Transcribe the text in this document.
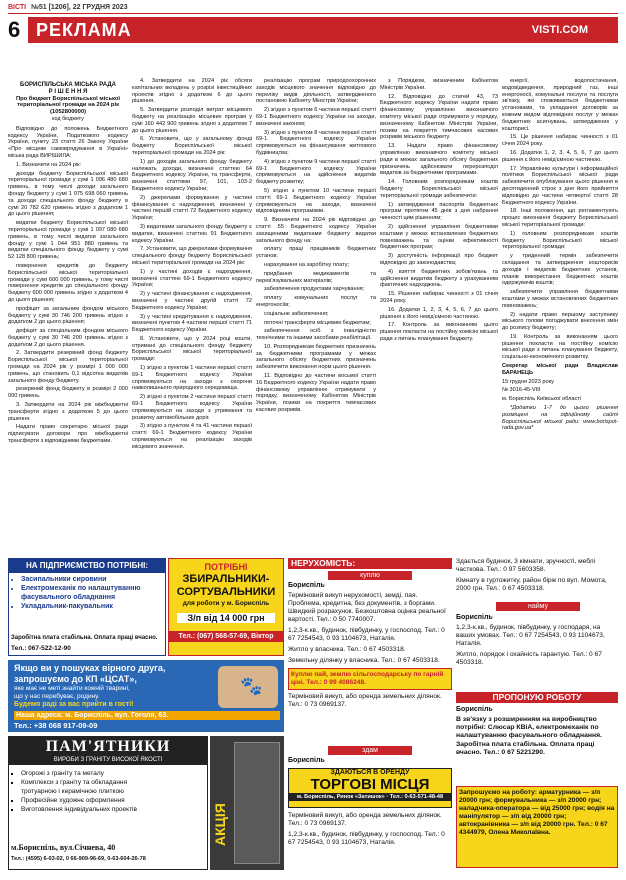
ВІСТІ №51 [1206], 22 ГРУДНЯ 2023
6 РЕКЛАМА	VISTI.COM
БОРИСПІЛЬСЬКА МІСЬКА РАДА
Р І Ш Е Н Н Я
Про бюджет Бориспільської міської територіальної громади на 2024 рік (1052800000)
код бюджету

Відповідно до положень Бюджетного кодексу України, Податкового кодексу України, пункту 23 статті 26 Закону України «Про місцеве самоврядування в Україні» міська рада ВИРІШИЛА:

1. Визначити на 2024 рік:

доходи бюджету Бориспільської міської територіальної громади у сумі 1 096 480 680 гривень, в тому числі доходи загального фонду бюджету у сумі 1 075 698 060 гривень та доходи спеціального фонду бюджету в сумі 20 782 620 гривень згідно з додатком 1 до цього рішення;

видатки бюджету Бориспільської міської територіальної громади у сумі 1 097 080 680 гривень, в тому числі видатки загального фонду у сумі 1 044 951 880 гривень та видатки спеціального фонду бюджету у сумі 52 128 800 гривень;

повернення кредитів до бюджету Бориспільської міської територіальної громади у сумі 600 000 гривень, у тому числі повернення кредитів до спеціального фонду бюджету 600 000 гривень згідно з додатком 4 до цього рішення;

профіцит за загальним фондом міського бюджету у сумі 30 746 200 гривень згідно з додатком 2 до цього рішення;

дефіцит за спеціальним фондом міського бюджету у сумі 30 746 200 гривень згідно з додатком 2 до цього рішення.

2. Затвердити резервний фонд бюджету Бориспільської міської територіальної громади на 2024 рік у розмірі 1 000 000 гривень, що становить 0,1 відсотка видатків загального фонду бюджету.

резервний фонд бюджету в розмірі 2 000 000 гривень.

3. Затвердити на 2024 рік міжбюджетні трансферти згідно з додатком 5 до цього рішення.

Надати право секретарю міської ради підписувати договори про міжбюджетні трансферти з відповідними бюджетами.

4. Затвердити на 2024 рік обсяги капітальних вкладень у розрізі інвестиційних проектів згідно з додатком 6 до цього рішення.

5. Затвердити розподіл витрат місцевого бюджету на реалізацію місцевих програм у сумі 160 442 900 гривень згідно з додатком 7 до цього рішення.

6. Установити, що у загальному фонді бюджету Бориспільської міської територіальної громади на 2024 рік:

1) до доходів загального фонду бюджету належать доходи, визначені статтею 64 Бюджетного кодексу України, та трансферти, визначені статтями 97, 101, 103-2 Бюджетного кодексу України;

2) джерелами формування у частині фінансування є надходження, визначені у частині першій статті 72 Бюджетного кодексу України;

3) видатками загального фонду бюджету є видатки, визначені статтею 91 Бюджетного кодексу України.

7. Установити, що джерелами формування спеціального фонду бюджету Бориспільської міської територіальної громади на 2024 рік:

1) у частині доходів є надходження, визначені статтею 69-1 Бюджетного кодексу України;

2) у частині фінансування є надходження, визначені у частині другій статті 72 Бюджетного кодексу України;

3) у частині кредитування є надходження, визначені пунктом 4 частини першої статті 71 Бюджетного кодексу України.

8. Установити, що у 2024 році кошти, отримані до спеціального фонду бюджету Бориспільської міської територіальної громади:

1) згідно з пунктом 1 частини першої статті 69-1 Бюджетного кодексу України спрямовуються на заходи з охорони навколишнього природного середовища.

2) згідно з пунктом 2 частини першої статті 69-1 Бюджетного кодексу України спрямовуються на заходи з утримання та розвитку автомобільних доріг.

3) згідно з пунктом 4 та 41 частини першої статті 69-1 Бюджетного кодексу України спрямовуються на реалізацію заходів місцевого значення.

реалізацію програм природоохоронних заходів місцевого значення відповідно до переліку видів діяльності, затвердженого постановою Кабінету Міністрів України;

2) згідно з пунктом 6 частини першої статті 69-1 Бюджетного кодексу України на заходи, визначені законом;

3) згідно з пунктом 8 частини першої статті 69-1 Бюджетного кодексу України спрямовуються на фінансування житлового будівництва;

4) згідно з пунктом 9 частини першої статті 69-1 Бюджетного кодексу України спрямовуються на здійснення видатків бюджету розвитку;

5) згідно з пунктом 10 частини першої статті 69-1 Бюджетного кодексу України спрямовуються на заходи, визначені відповідними програмами.

9. Визначити на 2024 рік відповідно до статті 55 Бюджетного кодексу України захищеними видатками бюджету видатки загального фонду на:

оплату праці працівників бюджетних установ;

нарахування на заробітну плату;

придбання медикаментів та перев'язувальних матеріалів;

забезпечення продуктами харчування;

оплату комунальних послуг та енергоносіїв;

соціальне забезпечення;

поточні трансферти місцевим бюджетам;

забезпечення осіб з інвалідністю технічними та іншими засобами реабілітації.

10. Розпорядникам бюджетних призначень за бюджетними програмами у межах загального обсягу бюджетних призначень забезпечити виконання норм цього рішення.

11. Відповідно до частини восьмої статті 16 Бюджетного кодексу України надати право фінансовому управлінню отримувати у порядку, визначеному Кабінетом Міністрів України, позики на покриття тимчасових касових розривів.

з Порядком, визначеним Кабінетом Міністрів України.

12. Відповідно до статей 43, 73 Бюджетного кодексу України надати право фінансовому управлінню виконавчого комітету міської ради отримувати у порядку, визначеному Кабінетом Міністрів України, позики на покриття тимчасових касових розривів міського бюджету.

13. Надати право фінансовому управлінню виконавчого комітету міської ради в межах загального обсягу бюджетних призначень здійснювати перерозподіл видатків за бюджетними програмами.

14. Головним розпорядникам коштів бюджету Бориспільської міської територіальної громади забезпечити:

1) затвердження паспортів бюджетних програм протягом 45 днів з дня набрання чинності цим рішенням;

2) здійснення управління бюджетними коштами у межах встановлених бюджетних повноважень та оцінки ефективності бюджетних програм;

3) доступність інформації про бюджет відповідно до законодавства;

4) взяття бюджетних зобов'язань та здійснення видатків бюджету з урахуванням фактичних надходжень.

15. Рішення набирає чинності з 01 січня 2024 року.

16. Додатки 1, 2, 3, 4, 5, 6, 7 до цього рішення є його невід'ємною частиною.

17. Контроль за виконанням цього рішення покласти на постійну комісію міської ради з питань планування бюджету.

енергії, водопостачання, водовідведення, природний газ, інші енергоносії, комунальні послуги та послуги зв'язку, які споживаються бюджетними установами, та укладання договорів за кожним видом відповідних послуг у межах бюджетних асигнувань, затверджених у кошторисі.

15. Це рішення набирає чинності з 01 січня 2024 року.

16. Додатки 1, 2, 3, 4, 5, 6, 7 до цього рішення є його невід'ємною частиною.

17. Управлінню культури і інформаційної політики Бориспільської міської ради забезпечити опублікування цього рішення в десятиденний строк з дня його прийняття відповідно до частини четвертої статті 28 Бюджетного кодексу України.

18. Інші положення, що регламентують процес виконання бюджету Бориспільської міської територіальної громади:

1) головним розпорядникам коштів бюджету Бориспільської міської територіальної громади:

у триденний термін забезпечити складання та затвердження кошторисів доходів і видатків бюджетних установ, планів використання бюджетних коштів одержувачів коштів;

забезпечити управління бюджетними коштами у межах встановлених бюджетних повноважень;

2) надати право першому заступнику міського голови погоджувати внесення змін до розпису бюджету;

19. Контроль за виконанням цього рішення покласти на постійну комісію міської ради з питань планування бюджету, соціально-економічного розвитку.

Секретар міської ради Владислав БАРАНЕЦЬ

15 грудня 2023 року

№ 3016-45-VIII

м. Бориспіль Київської області

*Додатки 1-7 до цього рішення розміщені на офіційному сайті Бориспільської міської ради: www.borispol-rada.gov.ua*

НА ПІДПРИЄМСТВО ПОТРІБНІ:
• Засипальники сировини
• Електромеханік по налаштуванню фасувального обладнання
• Укладальник-пакувальник
Заробітна плата стабільна. Оплата праці вчасно.
Тел.: 067-522-12-90
ПОТРІБНІ
ЗБИРАЛЬНИКИ-
СОРТУВАЛЬНИКИ
для роботи у м. Бориспіль
З/п від 14 000 грн
Тел.: (067) 568-57-69, Віктор
Якщо ви у пошуках вірного друга,
запрошуємо до КП «ЦСАТ»,
яке має не меті знайти кожній тварині,
що у нас перебуває, родину.
Будемо раді за вас прийти в гості!
🐾
Наша адреса: м. Бориспіль, вул. Гоголя, 63.
Тел.: +38 068 917-09-09
ПАМ'ЯТНИКИ
ВИРОБИ З ГРАНІТУ ВИСОКОЇ ЯКОСТІ
▪ Огорожі з граніту та металу
▪ Комплекси з граніту та обкладання тротуарною і керамічною плиткою
▪ Професійне художнє оформлення
▪ Виготовлення індивідуальних проектів
м.Бориспіль, вул.Січнева, 40
Тел.: (4595) 6-03-02, 0 66-909-96-69, 0-63-604-26-78
АКЦІЯ
НЕРУХОМІСТЬ:
куплю
Бориспіль

Терміновий викуп нерухомості, земді, пая. Проблема, кредитна, без документів, з боргами. Швидкий розрахунок. Безкоштовна оцінка реальної вартості. Тел.: 0 50 7740007.

1,2,3-к.кв., будинок, півбудинку, у госпоспод. Тел.: 0 67 7254543, 0 93 1104673, Наталія.

Житло у власника. Тел.: 0 67 4503318.

Земельну ділянку у власника. Тел.: 0 67 4503318.

Куплю пай, землю сільгосподарську по гарній ціні. Тел.: 0 99 4086248.

Терміновий викуп, або оренда земельних ділянок. Тел.: 0 73 0969137.

здам
Бориспіль
ЗДАЮТЬСЯ В ОРЕНДУ
ТОРГОВІ МІСЦЯ
м. Бориспіль, Ринок «Затишок» · Тел.: 0-63-571-48-48

Терміновий викуп, або оренда земельних ділянок. Тел.: 0 73 0969137.

1,2,3-к.кв., будинок, півбудинку, у госпоспод. Тел.: 0 67 7254543, 0 93 1104673, Наталія.

Здається будинок, 3 кімнати, зручності, меблі часткова. Тел.: 0 97 5603358.

Кімнату в гуртожитку, район бірж по вул. Момота, 2000 грн. Тел.: 0 67 4503318.

найму
Бориспіль

1,2,3-к.кв., будинок, півбудинку, у господаря, на ваших умовах. Тел.: 0 67 7254543, 0 93 1104673, Наталія.

Житло, порядок і охайність гарантую. Тел.: 0 67 4503318.

ПРОПОНУЮ РОБОТУ
Бориспіль
В зв'язку з розширенням на виробництво потрібні: Слюсар КВіА, електромеханік по налаштуванню фасувального обладнання. Заробітна плата стабільна. Оплата праці вчасно. Тел.: 0 67 5221290.
Запрошуємо на роботу: арматурника — з/п 20000 грн; формувальника — з/п 20000 грн; наладчика-оператора — від 25000 грн; водія на маніпулятор — з/п від 20000 грн; автокранівника — з/п від 20000 грн. Тел.: 0 67 4344979, Олена Миколаївна.
